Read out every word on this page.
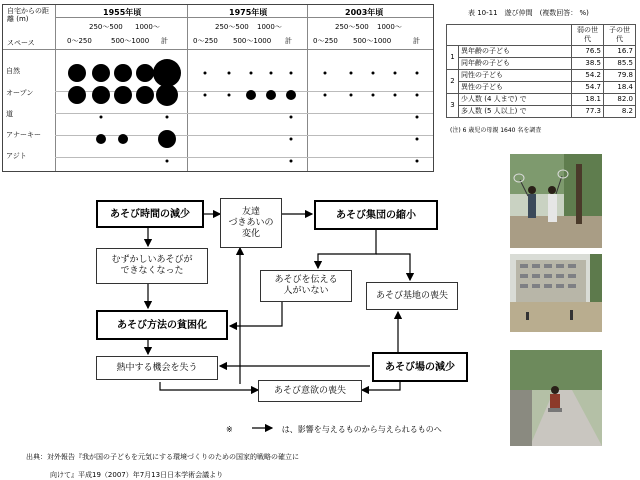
自宅からの距離 (m)
スペース
1955年頃	1975年頃	2003年頃
250～500 1000～
0～250	500～1000 計
250～500 1000～
0～250 500～1000 計
250～500 1000～
0～250 500～1000	計
自然
オープン
道
アナーキー
アジト
表 10-11　遊び仲間　(複数回答： %)
		弱の世代	子の世代
1	異年齢の子ども	76.5	16.7
	同年齢の子ども	38.5	85.5
2	同性の子ども	54.2	79.8
	異性の子ども	54.7	18.4
3	少人数 (4 人まで) で	18.1	82.0
	多人数 (5 人以上) で	77.3	8.2
(注) 6 歳児の母親 1640 名を調査
あそび時間の減少	友達
づきあいの
変化
あそび集団の縮小
むずかしいあそびが
できなくなった
あそびを伝える
人がいない	あそび基地の喪失
あそび方法の貧困化
熱中する機会を失う	あそび場の減少
あそび意欲の喪失
※	は、影響を与えるものから与えられるものへ
出典：対外報告『我が国の子どもを元気にする環境づくりのための国家的戦略の確立に
向けて』平成19（2007）年7月13日日本学術会議より
